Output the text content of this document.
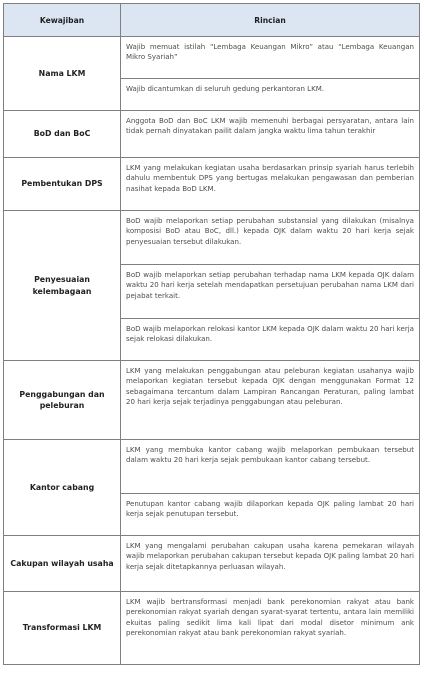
Kewajiban	Rincian
Nama LKM	Wajib memuat istilah “Lembaga Keuangan Mikro” atau “Lembaga Keuangan Mikro Syariah”
	Wajib dicantumkan di seluruh gedung perkantoran LKM.
BoD dan BoC	Anggota BoD dan BoC LKM wajib memenuhi berbagai persyaratan, antara lain tidak pernah dinyatakan pailit dalam jangka waktu lima tahun terakhir
Pembentukan DPS	LKM yang melakukan kegiatan usaha berdasarkan prinsip syariah harus terlebih dahulu membentuk DPS yang bertugas melakukan pengawasan dan pemberian nasihat kepada BoD LKM.
Penyesuaian kelembagaan	BoD wajib melaporkan setiap perubahan substansial yang dilakukan (misalnya komposisi BoD atau BoC, dll.) kepada OJK dalam waktu 20 hari kerja sejak penyesuaian tersebut dilakukan.
	BoD wajib melaporkan setiap perubahan terhadap nama LKM kepada OJK dalam waktu 20 hari kerja setelah mendapatkan persetujuan perubahan nama LKM dari pejabat terkait.
	BoD wajib melaporkan relokasi kantor LKM kepada OJK dalam waktu 20 hari kerja sejak relokasi dilakukan.
Penggabungan dan peleburan	LKM yang melakukan penggabungan atau peleburan kegiatan usahanya wajib melaporkan kegiatan tersebut kepada OJK dengan menggunakan Format 12 sebagaimana tercantum dalam Lampiran Rancangan Peraturan, paling lambat 20 hari kerja sejak terjadinya penggabungan atau peleburan.
Kantor cabang	LKM yang membuka kantor cabang wajib melaporkan pembukaan tersebut dalam waktu 20 hari kerja sejak pembukaan kantor cabang tersebut.
	Penutupan kantor cabang wajib dilaporkan kepada OJK paling lambat 20 hari kerja sejak penutupan tersebut.
Cakupan wilayah usaha	LKM yang mengalami perubahan cakupan usaha karena pemekaran wilayah wajib melaporkan perubahan cakupan tersebut kepada OJK paling lambat 20 hari kerja sejak ditetapkannya perluasan wilayah.
Transformasi LKM	LKM wajib bertransformasi menjadi bank perekonomian rakyat atau bank perekonomian rakyat syariah dengan syarat-syarat tertentu, antara lain memiliki ekuitas paling sedikit lima kali lipat dari modal disetor minimum ank perekonomian rakyat atau bank perekonomian rakyat syariah.
